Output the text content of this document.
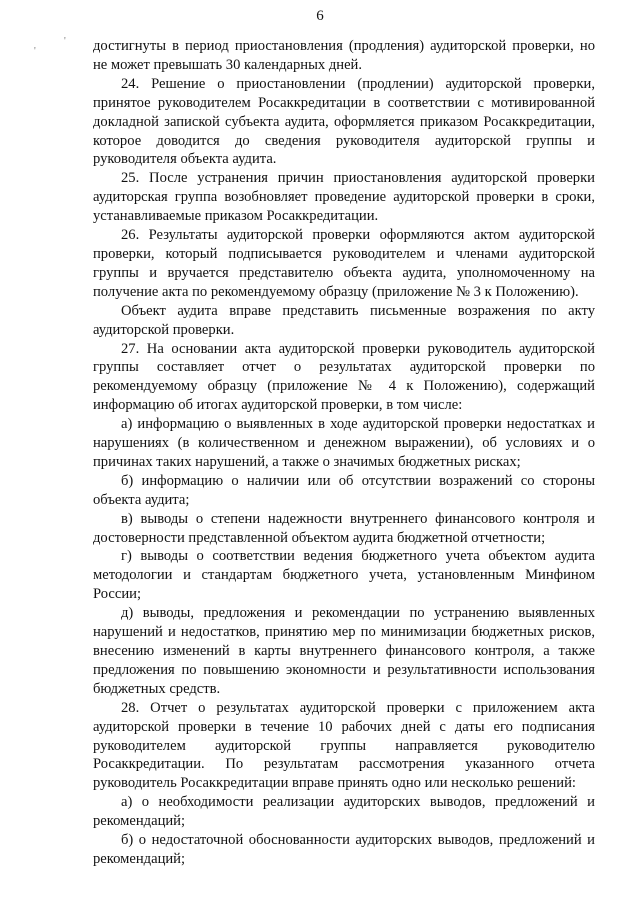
6
'
' достигнуты в период приостановления (продления) аудиторской проверки, но не может превышать 30 календарных дней.

24. Решение о приостановлении (продлении) аудиторской проверки, принятое руководителем Росаккредитации в соответствии с мотивированной докладной запиской субъекта аудита, оформляется приказом Росаккредитации, которое доводится до сведения руководителя аудиторской группы и руководителя объекта аудита.

25. После устранения причин приостановления аудиторской проверки аудиторская группа возобновляет проведение аудиторской проверки в сроки, устанавливаемые приказом Росаккредитации.

26. Результаты аудиторской проверки оформляются актом аудиторской проверки, который подписывается руководителем и членами аудиторской группы и вручается представителю объекта аудита, уполномоченному на получение акта по рекомендуемому образцу (приложение № 3 к Положению).

Объект аудита вправе представить письменные возражения по акту аудиторской проверки.

27. На основании акта аудиторской проверки руководитель аудиторской группы составляет отчет о результатах аудиторской проверки по рекомендуемому образцу (приложение № 4 к Положению), содержащий информацию об итогах аудиторской проверки, в том числе:

а) информацию о выявленных в ходе аудиторской проверки недостатках и нарушениях (в количественном и денежном выражении), об условиях и о причинах таких нарушений, а также о значимых бюджетных рисках;

б) информацию о наличии или об отсутствии возражений со стороны объекта аудита;

в) выводы о степени надежности внутреннего финансового контроля и достоверности представленной объектом аудита бюджетной отчетности;

г) выводы о соответствии ведения бюджетного учета объектом аудита методологии и стандартам бюджетного учета, установленным Минфином России;

д) выводы, предложения и рекомендации по устранению выявленных нарушений и недостатков, принятию мер по минимизации бюджетных рисков, внесению изменений в карты внутреннего финансового контроля, а также предложения по повышению экономности и результативности использования бюджетных средств.

28. Отчет о результатах аудиторской проверки с приложением акта аудиторской проверки в течение 10 рабочих дней с даты его подписания руководителем аудиторской группы направляется руководителю Росаккредитации. По результатам рассмотрения указанного отчета руководитель Росаккредитации вправе принять одно или несколько решений:

а) о необходимости реализации аудиторских выводов, предложений и рекомендаций;

б) о недостаточной обоснованности аудиторских выводов, предложений и рекомендаций;
